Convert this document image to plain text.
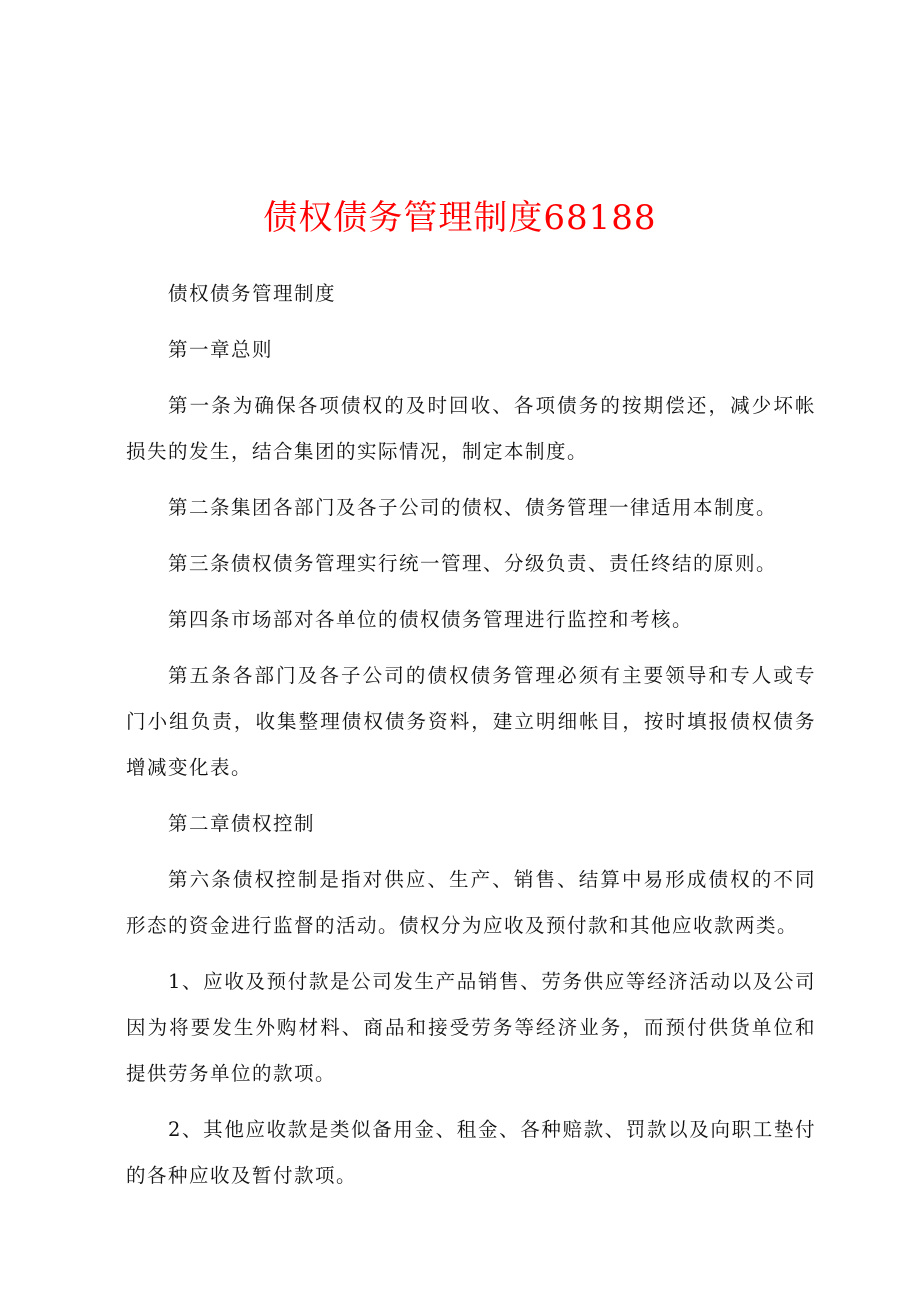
债权债务管理制度68188

债权债务管理制度

第一章总则

第一条为确保各项债权的及时回收、各项债务的按期偿还，减少坏帐损失的发生，结合集团的实际情况，制定本制度。

第二条集团各部门及各子公司的债权、债务管理一律适用本制度。

第三条债权债务管理实行统一管理、分级负责、责任终结的原则。

第四条市场部对各单位的债权债务管理进行监控和考核。

第五条各部门及各子公司的债权债务管理必须有主要领导和专人或专门小组负责，收集整理债权债务资料，建立明细帐目，按时填报债权债务增减变化表。

第二章债权控制

第六条债权控制是指对供应、生产、销售、结算中易形成债权的不同形态的资金进行监督的活动。债权分为应收及预付款和其他应收款两类。

1、应收及预付款是公司发生产品销售、劳务供应等经济活动以及公司因为将要发生外购材料、商品和接受劳务等经济业务，而预付供货单位和提供劳务单位的款项。

2、其他应收款是类似备用金、租金、各种赔款、罚款以及向职工垫付的各种应收及暂付款项。
